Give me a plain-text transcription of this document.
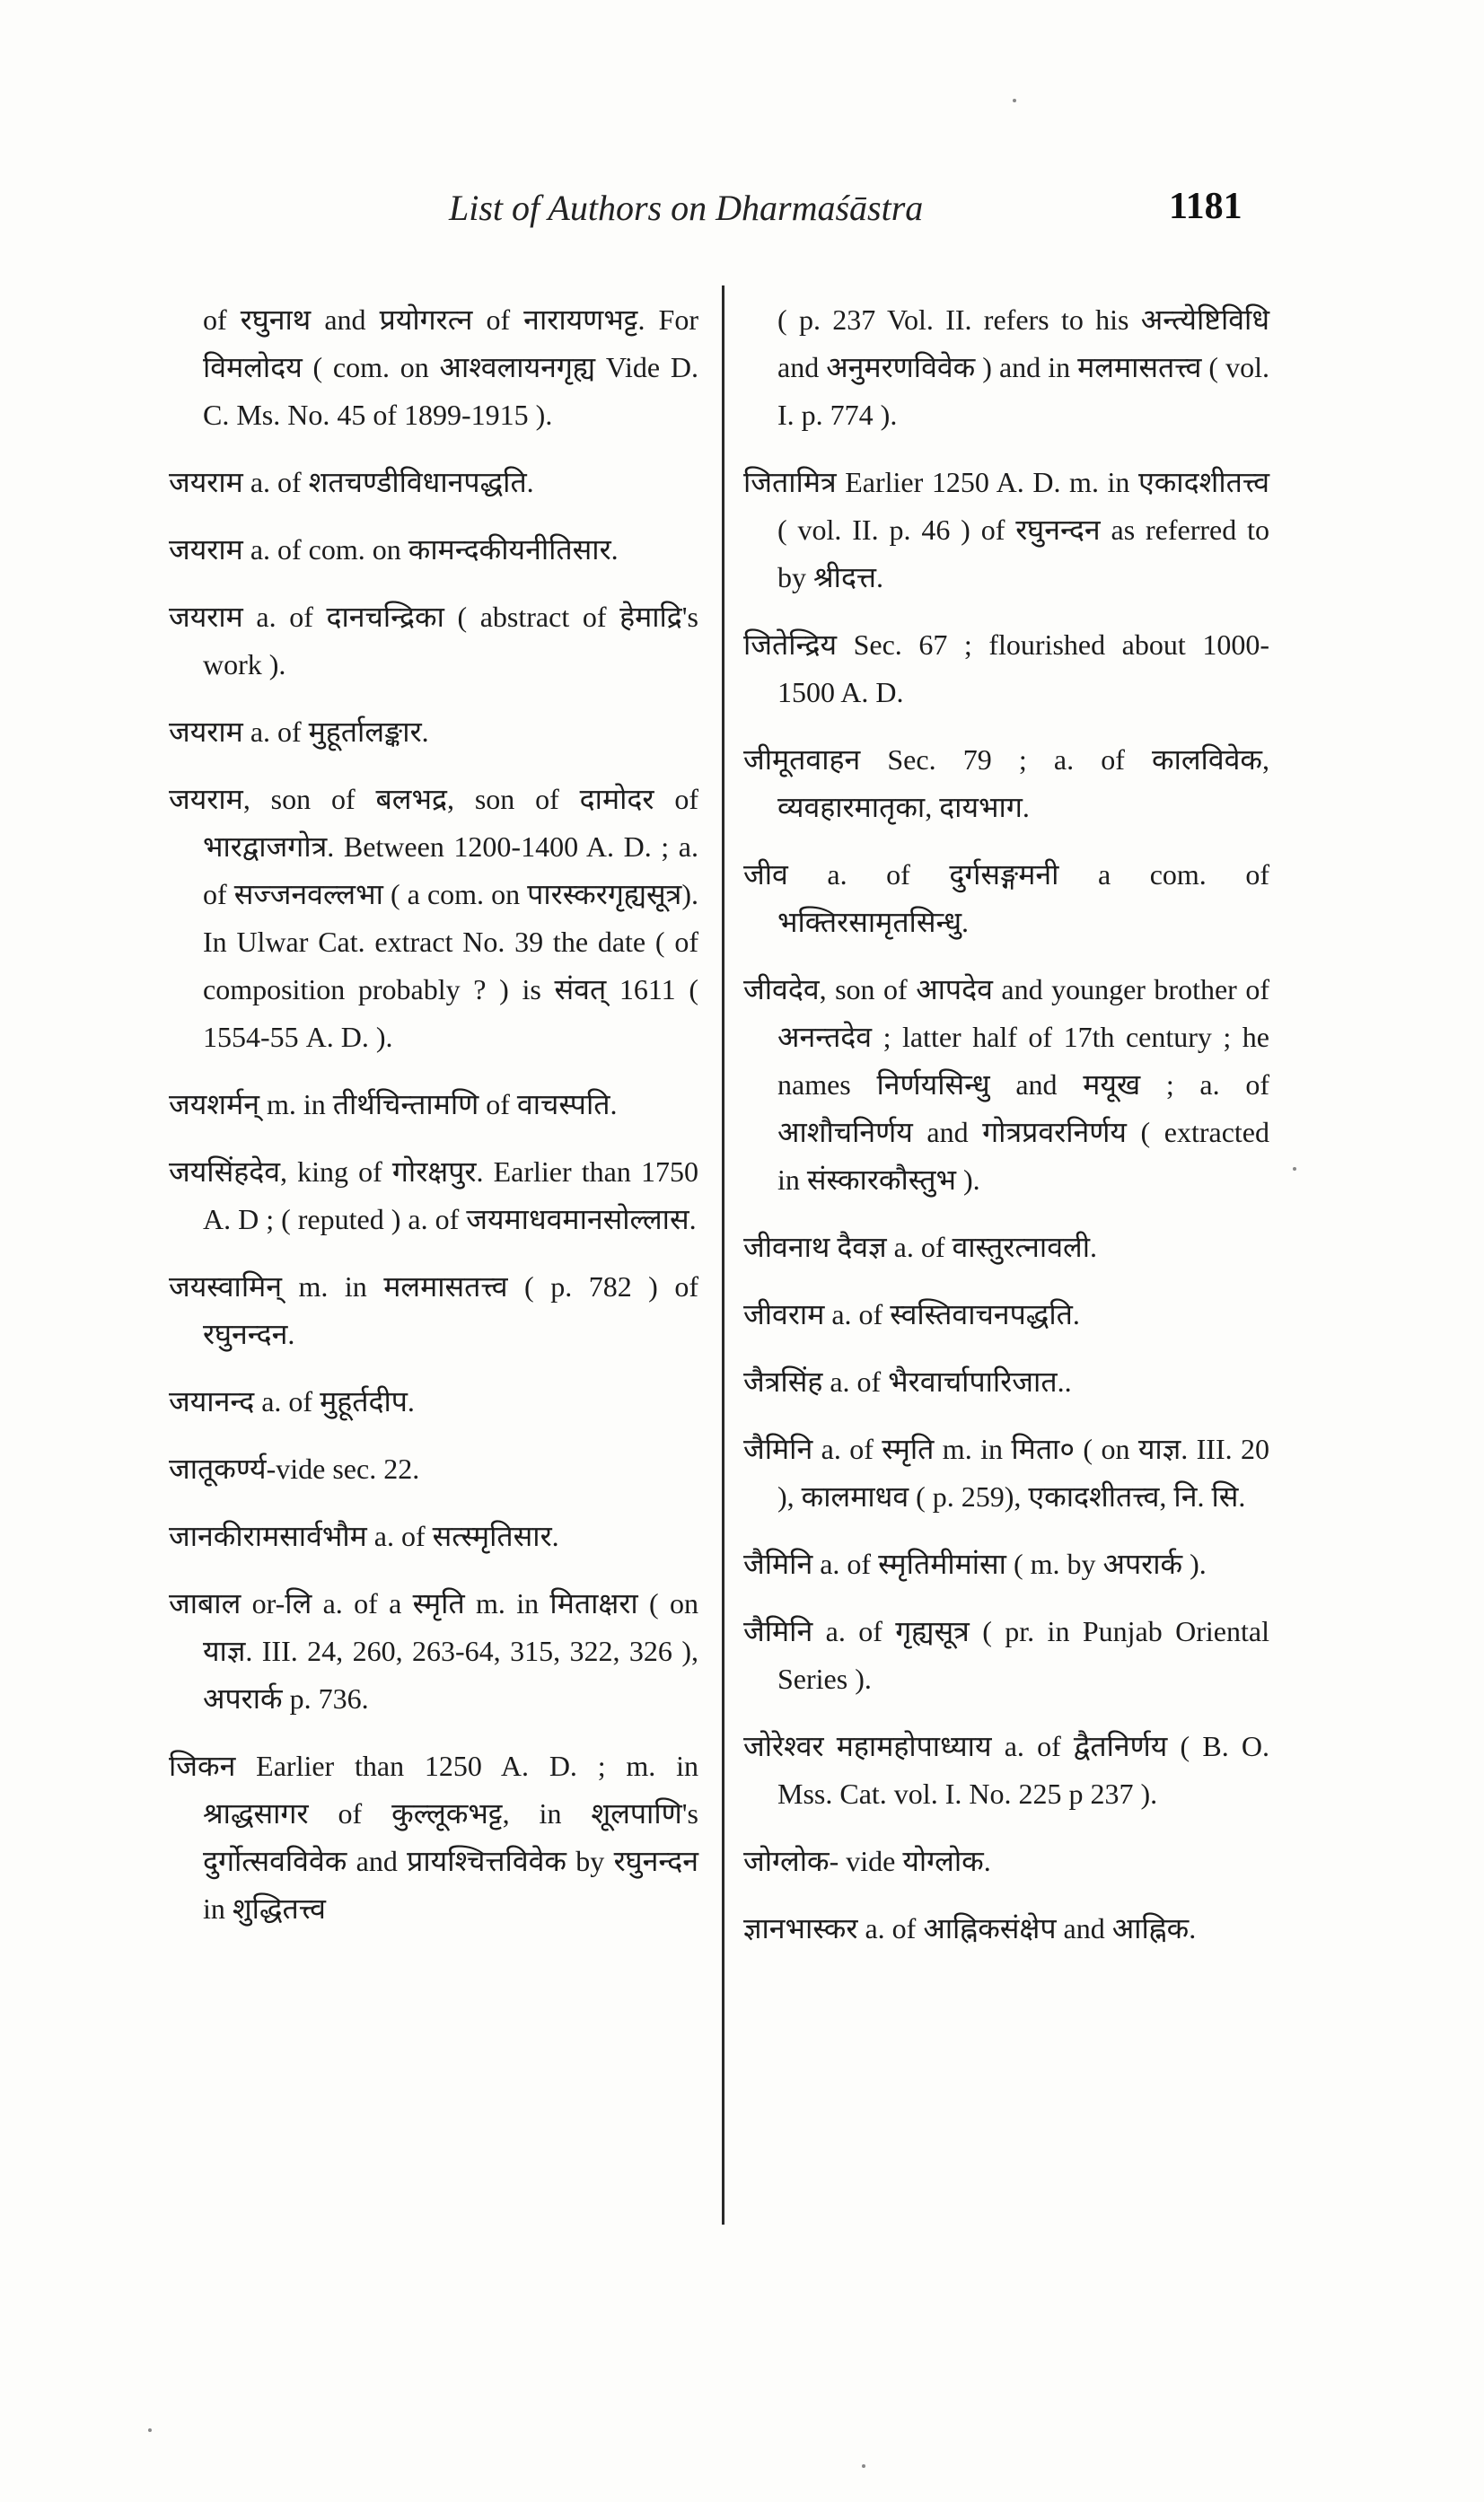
List of Authors on Dharmaśāstra	1181

of रघुनाथ and प्रयोगरत्न of नारायणभट्ट. For विमलोदय ( com. on आश्वलायनगृह्य Vide D. C. Ms. No. 45 of 1899-1915 ).

जयराम a. of शतचण्डीविधानपद्धति.

जयराम a. of com. on कामन्दकीयनीतिसार.

जयराम a. of दानचन्द्रिका ( abstract of हेमाद्रि's work ).

जयराम a. of मुहूर्तालङ्कार.

जयराम, son of बलभद्र, son of दामोदर of भारद्वाजगोत्र. Between 1200-1400 A. D. ; a. of सज्जनवल्लभा ( a com. on पारस्करगृह्यसूत्र). In Ulwar Cat. extract No. 39 the date ( of composition probably ? ) is संवत् 1611 ( 1554-55 A. D. ).

जयशर्मन् m. in तीर्थचिन्तामणि of वाचस्पति.

जयसिंहदेव, king of गोरक्षपुर. Earlier than 1750 A. D ; ( reputed ) a. of जयमाधवमानसोल्लास.

जयस्वामिन् m. in मलमासतत्त्व ( p. 782 ) of रघुनन्दन.

जयानन्द a. of मुहूर्तदीप.

जातूकर्ण्य-vide sec. 22.

जानकीरामसार्वभौम a. of सत्स्मृतिसार.

जाबाल or-लि a. of a स्मृति m. in मिताक्षरा ( on याज्ञ. III. 24, 260, 263-64, 315, 322, 326 ), अपरार्क p. 736.

जिकन Earlier than 1250 A. D. ; m. in श्राद्धसागर of कुल्लूकभट्ट, in शूलपाणि's दुर्गोत्सवविवेक and प्रायश्चित्तविवेक by रघुनन्दन in शुद्धितत्त्व

( p. 237 Vol. II. refers to his अन्त्येष्टिविधि and अनुमरणविवेक ) and in मलमासतत्त्व ( vol. I. p. 774 ).

जितामित्र Earlier 1250 A. D. m. in एकादशीतत्त्व ( vol. II. p. 46 ) of रघुनन्दन as referred to by श्रीदत्त.

जितेन्द्रिय Sec. 67 ; flourished about 1000-1500 A. D.

जीमूतवाहन Sec. 79 ; a. of कालविवेक, व्यवहारमातृका, दायभाग.

जीव a. of दुर्गसङ्गमनी a com. of भक्तिरसामृतसिन्धु.

जीवदेव, son of आपदेव and younger brother of अनन्तदेव ; latter half of 17th century ; he names निर्णयसिन्धु and मयूख ; a. of आशौचनिर्णय and गोत्रप्रवरनिर्णय ( extracted in संस्कारकौस्तुभ ).

जीवनाथ दैवज्ञ a. of वास्तुरत्नावली.

जीवराम a. of स्वस्तिवाचनपद्धति.

जैत्रसिंह a. of भैरवार्चापारिजात..

जैमिनि a. of स्मृति m. in मिता० ( on याज्ञ. III. 20 ), कालमाधव ( p. 259), एकादशीतत्त्व, नि. सि.

जैमिनि a. of स्मृतिमीमांसा ( m. by अपरार्क ).

जैमिनि a. of गृह्यसूत्र ( pr. in Punjab Oriental Series ).

जोरेश्वर महामहोपाध्याय a. of द्वैतनिर्णय ( B. O. Mss. Cat. vol. I. No. 225 p 237 ).

जोग्लोक- vide योग्लोक.

ज्ञानभास्कर a. of आह्निकसंक्षेप and आह्निक.
